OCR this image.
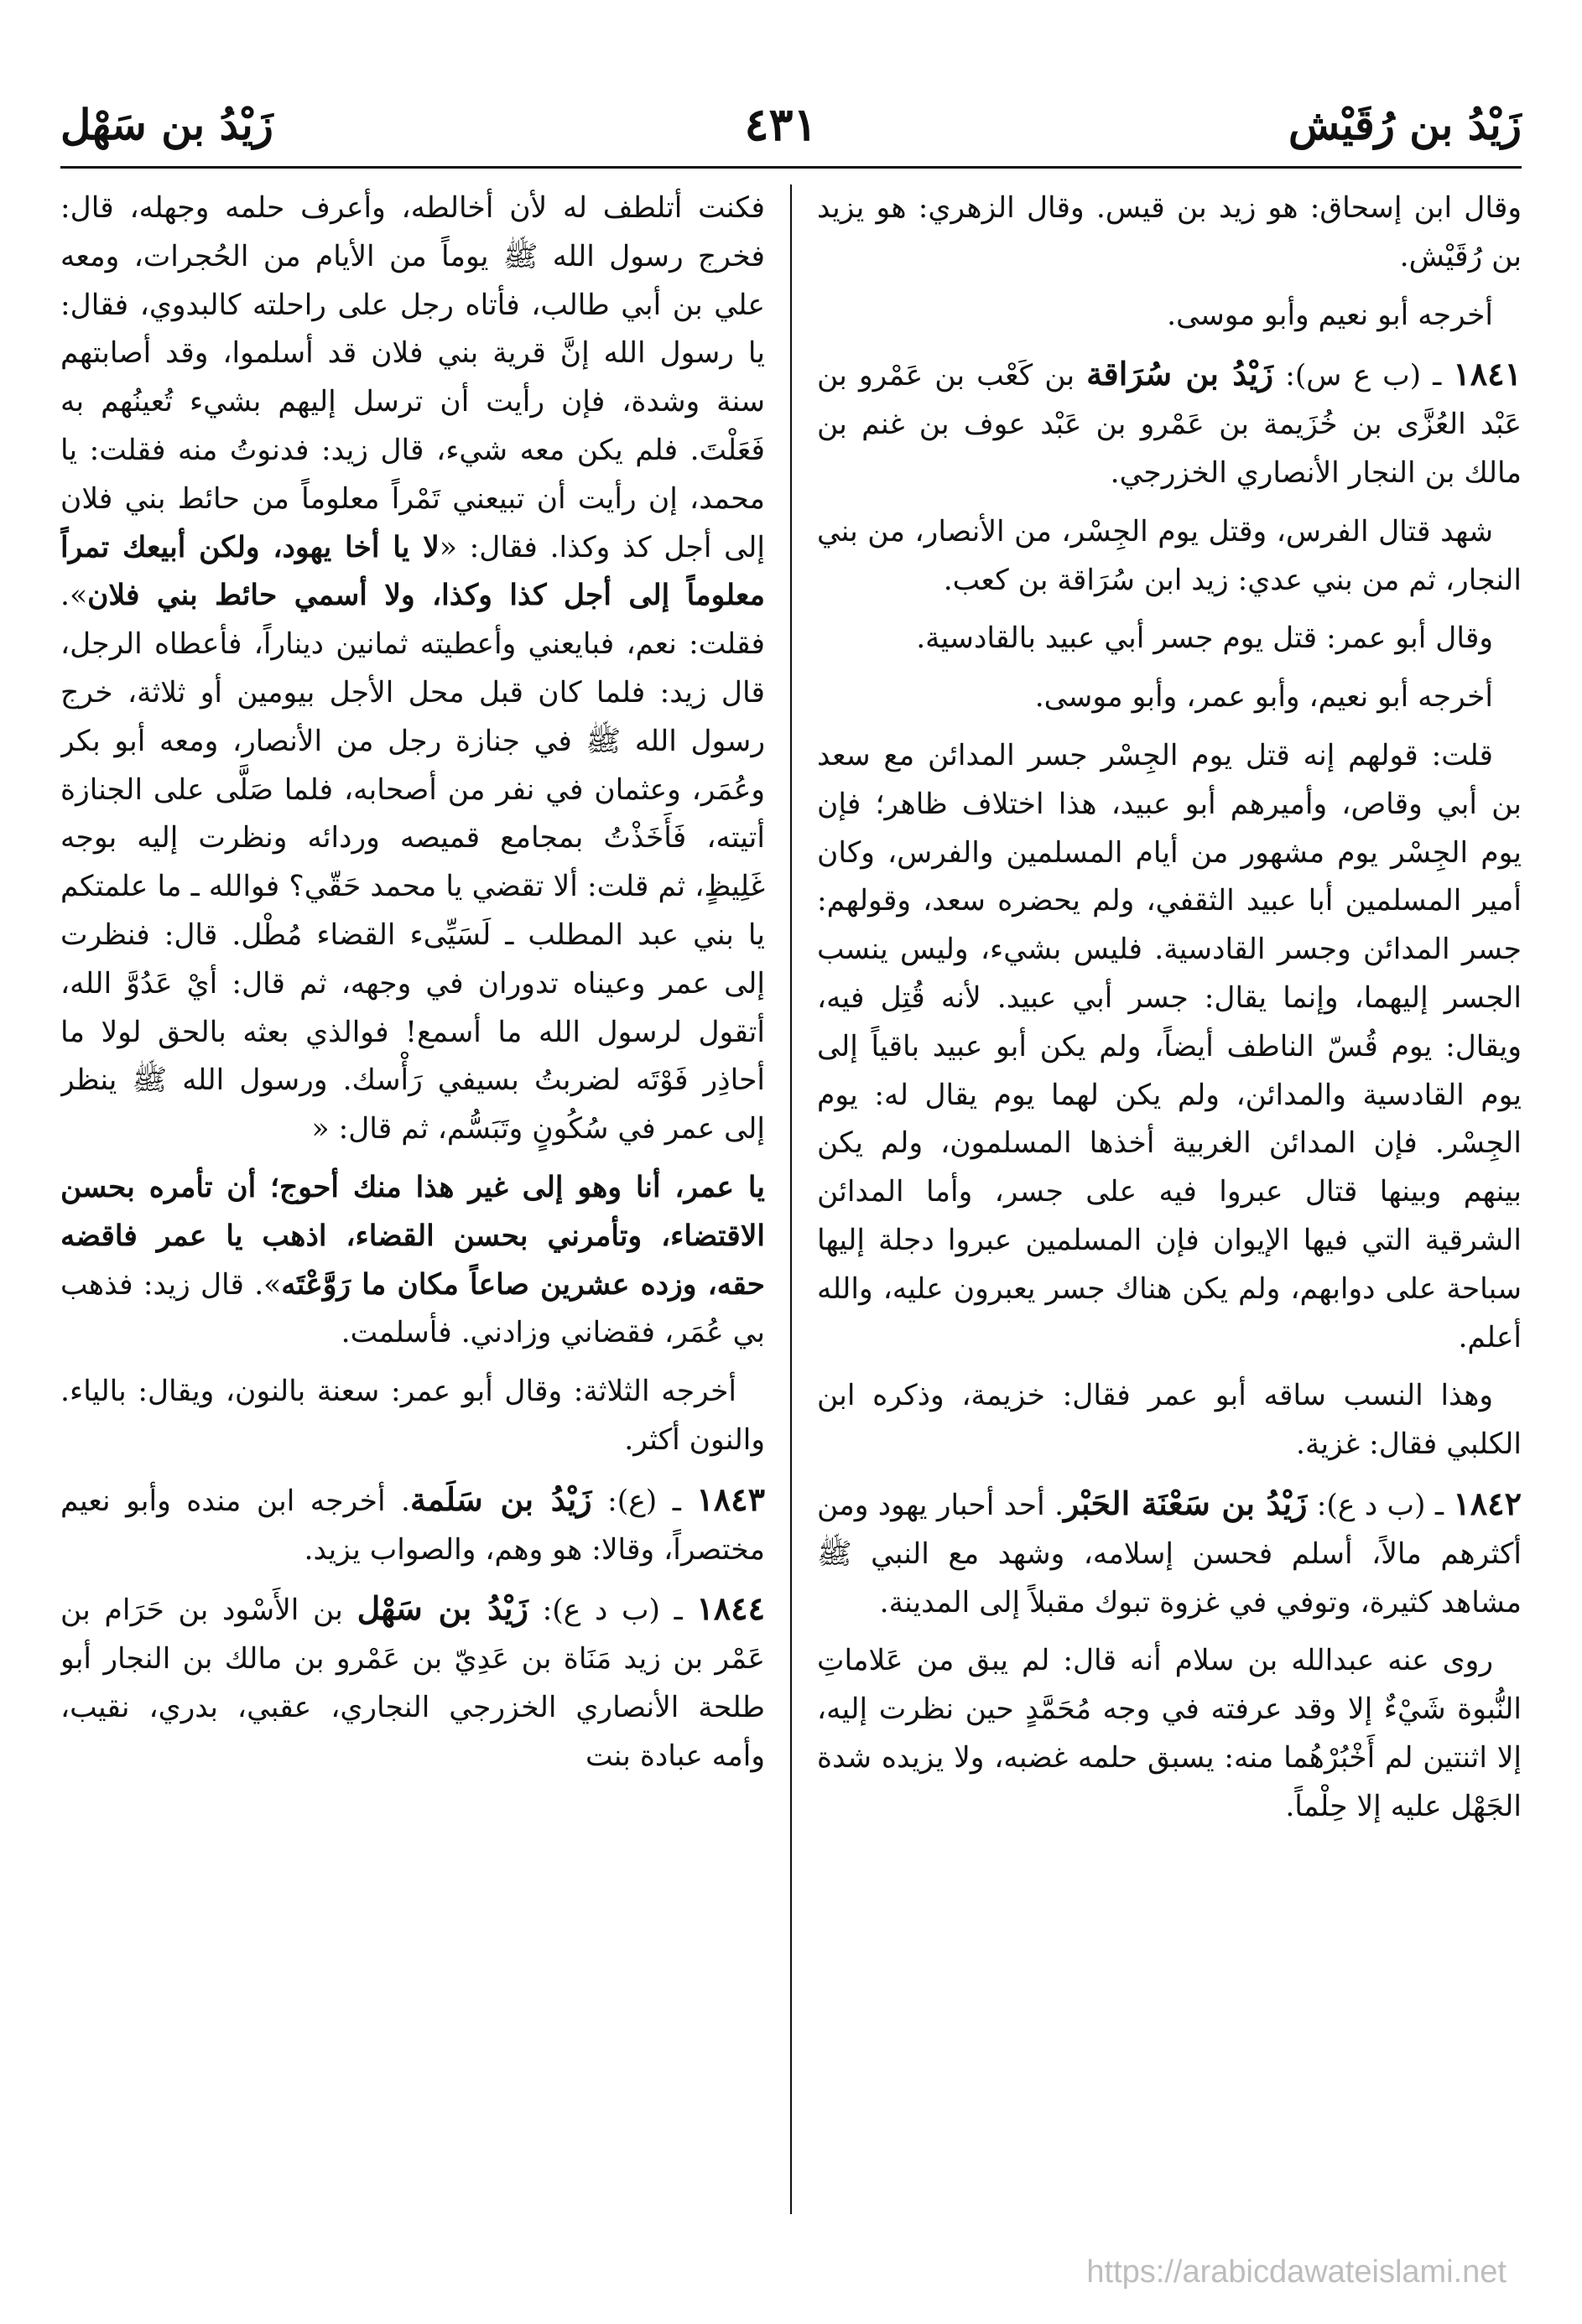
زَيْدُ بن رُقَيْش
٤٣١
زَيْدُ بن سَهْل

وقال ابن إسحاق: هو زيد بن قيس. وقال الزهري: هو يزيد بن رُقَيْش.

أخرجه أبو نعيم وأبو موسى.

١٨٤١ ـ (ب ع س): زَيْدُ بن سُرَاقة بن كَعْب بن عَمْرو بن عَبْد العُزَّى بن خُزَيمة بن عَمْرو بن عَبْد عوف بن غنم بن مالك بن النجار الأنصاري الخزرجي.

شهد قتال الفرس، وقتل يوم الجِسْر، من الأنصار، من بني النجار، ثم من بني عدي: زيد ابن سُرَاقة بن كعب.

وقال أبو عمر: قتل يوم جسر أبي عبيد بالقادسية.

أخرجه أبو نعيم، وأبو عمر، وأبو موسى.

قلت: قولهم إنه قتل يوم الجِسْر جسر المدائن مع سعد بن أبي وقاص، وأميرهم أبو عبيد، هذا اختلاف ظاهر؛ فإن يوم الجِسْر يوم مشهور من أيام المسلمين والفرس، وكان أمير المسلمين أبا عبيد الثقفي، ولم يحضره سعد، وقولهم: جسر المدائن وجسر القادسية. فليس بشيء، وليس ينسب الجسر إليهما، وإنما يقال: جسر أبي عبيد. لأنه قُتِل فيه، ويقال: يوم قُسّ الناطف أيضاً، ولم يكن أبو عبيد باقياً إلى يوم القادسية والمدائن، ولم يكن لهما يوم يقال له: يوم الجِسْر. فإن المدائن الغربية أخذها المسلمون، ولم يكن بينهم وبينها قتال عبروا فيه على جسر، وأما المدائن الشرقية التي فيها الإيوان فإن المسلمين عبروا دجلة إليها سباحة على دوابهم، ولم يكن هناك جسر يعبرون عليه، والله أعلم.

وهذا النسب ساقه أبو عمر فقال: خزيمة، وذكره ابن الكلبي فقال: غزية.

١٨٤٢ ـ (ب د ع): زَيْدُ بن سَعْنَة الحَبْر. أحد أحبار يهود ومن أكثرهم مالاً، أسلم فحسن إسلامه، وشهد مع النبي ﷺ مشاهد كثيرة، وتوفي في غزوة تبوك مقبلاً إلى المدينة.

روى عنه عبدالله بن سلام أنه قال: لم يبق من عَلاماتِ النُّبوة شَيْءٌ إلا وقد عرفته في وجه مُحَمَّدٍ حين نظرت إليه، إلا اثنتين لم أَخْبُرْهُما منه: يسبق حلمه غضبه، ولا يزيده شدة الجَهْل عليه إلا حِلْماً.

فكنت أتلطف له لأن أخالطه، وأعرف حلمه وجهله، قال: فخرج رسول الله ﷺ يوماً من الأيام من الحُجرات، ومعه علي بن أبي طالب، فأتاه رجل على راحلته كالبدوي، فقال: يا رسول الله إنَّ قرية بني فلان قد أسلموا، وقد أصابتهم سنة وشدة، فإن رأيت أن ترسل إليهم بشيء تُعينُهم به فَعَلْتَ. فلم يكن معه شيء، قال زيد: فدنوتُ منه فقلت: يا محمد، إن رأيت أن تبيعني تَمْراً معلوماً من حائط بني فلان إلى أجل كذ وكذا. فقال: «لا يا أخا يهود، ولكن أبيعك تمراً معلوماً إلى أجل كذا وكذا، ولا أسمي حائط بني فلان». فقلت: نعم، فبايعني وأعطيته ثمانين ديناراً، فأعطاه الرجل، قال زيد: فلما كان قبل محل الأجل بيومين أو ثلاثة، خرج رسول الله ﷺ في جنازة رجل من الأنصار، ومعه أبو بكر وعُمَر، وعثمان في نفر من أصحابه، فلما صَلَّى على الجنازة أتيته، فَأَخَذْتُ بمجامع قميصه وردائه ونظرت إليه بوجه غَلِيظٍ، ثم قلت: ألا تقضي يا محمد حَقّي؟ فوالله ـ ما علمتكم يا بني عبد المطلب ـ لَسَيِّىء القضاء مُطْل. قال: فنظرت إلى عمر وعيناه تدوران في وجهه، ثم قال: أيْ عَدُوَّ الله، أتقول لرسول الله ما أسمع! فوالذي بعثه بالحق لولا ما أحاذِر فَوْتَه لضربتُ بسيفي رَأْسك. ورسول الله ﷺ ينظر إلى عمر في سُكُونٍ وتَبَسُّم، ثم قال: «

يا عمر، أنا وهو إلى غير هذا منك أحوج؛ أن تأمره بحسن الاقتضاء، وتأمرني بحسن القضاء، اذهب يا عمر فاقضه حقه، وزده عشرين صاعاً مكان ما رَوَّعْتَه». قال زيد: فذهب بي عُمَر، فقضاني وزادني. فأسلمت.

أخرجه الثلاثة: وقال أبو عمر: سعنة بالنون، ويقال: بالياء. والنون أكثر.

١٨٤٣ ـ (ع): زَيْدُ بن سَلَمة. أخرجه ابن منده وأبو نعيم مختصراً، وقالا: هو وهم، والصواب يزيد.

١٨٤٤ ـ (ب د ع): زَيْدُ بن سَهْل بن الأَسْود بن حَرَام بن عَمْر بن زيد مَنَاة بن عَدِيّ بن عَمْرو بن مالك بن النجار أبو طلحة الأنصاري الخزرجي النجاري، عقبي، بدري، نقيب، وأمه عبادة بنت

https://arabicdawateislami.net
